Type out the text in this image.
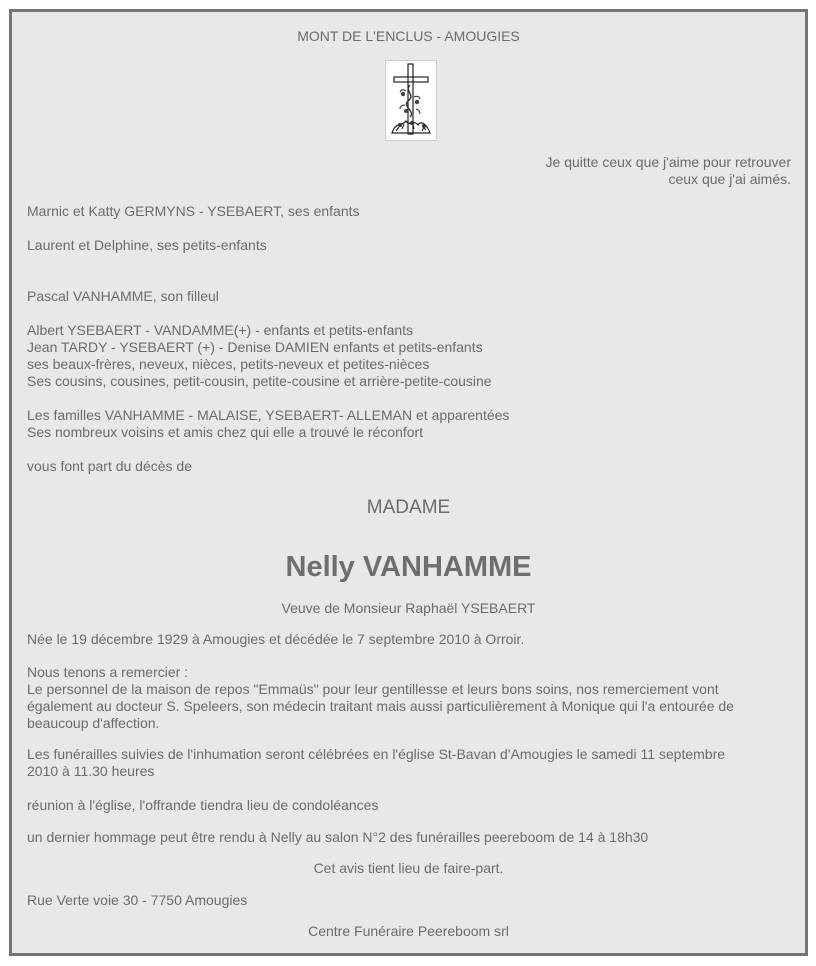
MONT DE L'ENCLUS - AMOUGIES
Je quitte ceux que j'aime pour retrouver
ceux que j'ai aimés.
Marnic et Katty GERMYNS - YSEBAERT, ses enfants
Laurent et Delphine, ses petits-enfants
Pascal VANHAMME, son filleul
Albert YSEBAERT - VANDAMME(+) - enfants et petits-enfants
Jean TARDY - YSEBAERT (+) - Denise DAMIEN enfants et petits-enfants
ses beaux-frères, neveux, nièces, petits-neveux et petites-nièces
Ses cousins, cousines, petit-cousin, petite-cousine et arrière-petite-cousine
Les familles VANHAMME - MALAISE, YSEBAERT- ALLEMAN et apparentées
Ses nombreux voisins et amis chez qui elle a trouvé le réconfort
vous font part du décès de
MADAME
Nelly VANHAMME
Veuve de Monsieur Raphaël YSEBAERT
Née le 19 décembre 1929 à Amougies et décédée le 7 septembre 2010 à Orroir.
Nous tenons a remercier :
Le personnel de la maison de repos "Emmaüs" pour leur gentillesse et leurs bons soins, nos remerciement vont
également au docteur S. Speleers, son médecin traitant mais aussi particulièrement à Monique qui l'a entourée de
beaucoup d'affection.
Les funérailles suivies de l'inhumation seront célébrées en l'église St-Bavan d'Amougies le samedi 11 septembre
2010 à 11.30 heures
réunion à l'église, l'offrande tiendra lieu de condoléances
un dernier hommage peut être rendu à Nelly au salon N°2 des funérailles peereboom de 14 à 18h30
Cet avis tient lieu de faire-part.
Rue Verte voie 30 - 7750 Amougies
Centre Funéraire Peereboom srl
